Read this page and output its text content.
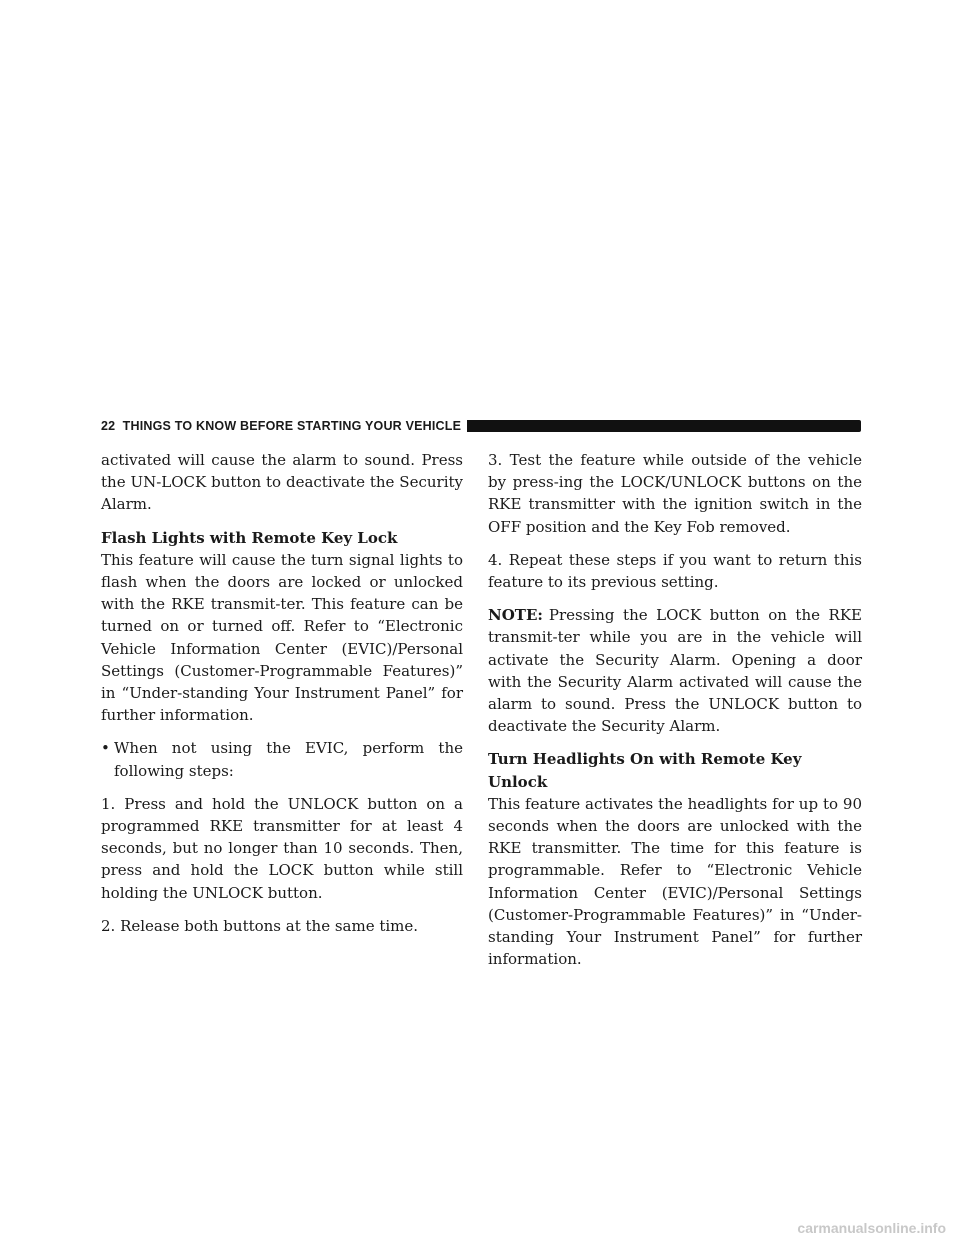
22 THINGS TO KNOW BEFORE STARTING YOUR VEHICLE

activated will cause the alarm to sound. Press the UN-LOCK button to deactivate the Security Alarm.

Flash Lights with Remote Key Lock

This feature will cause the turn signal lights to flash when the doors are locked or unlocked with the RKE transmit-ter. This feature can be turned on or turned off. Refer to “Electronic Vehicle Information Center (EVIC)/Personal Settings (Customer-Programmable Features)” in “Under-standing Your Instrument Panel” for further information.

• When not using the EVIC, perform the following steps:

1. Press and hold the UNLOCK button on a programmed RKE transmitter for at least 4 seconds, but no longer than 10 seconds. Then, press and hold the LOCK button while still holding the UNLOCK button.

2. Release both buttons at the same time.

3. Test the feature while outside of the vehicle by press-ing the LOCK/UNLOCK buttons on the RKE transmitter with the ignition switch in the OFF position and the Key Fob removed.

4. Repeat these steps if you want to return this feature to its previous setting.

NOTE: Pressing the LOCK button on the RKE transmit-ter while you are in the vehicle will activate the Security Alarm. Opening a door with the Security Alarm activated will cause the alarm to sound. Press the UNLOCK button to deactivate the Security Alarm.

Turn Headlights On with Remote Key Unlock

This feature activates the headlights for up to 90 seconds when the doors are unlocked with the RKE transmitter. The time for this feature is programmable. Refer to “Electronic Vehicle Information Center (EVIC)/Personal Settings (Customer-Programmable Features)” in “Under-standing Your Instrument Panel” for further information.

carmanualsonline.info
